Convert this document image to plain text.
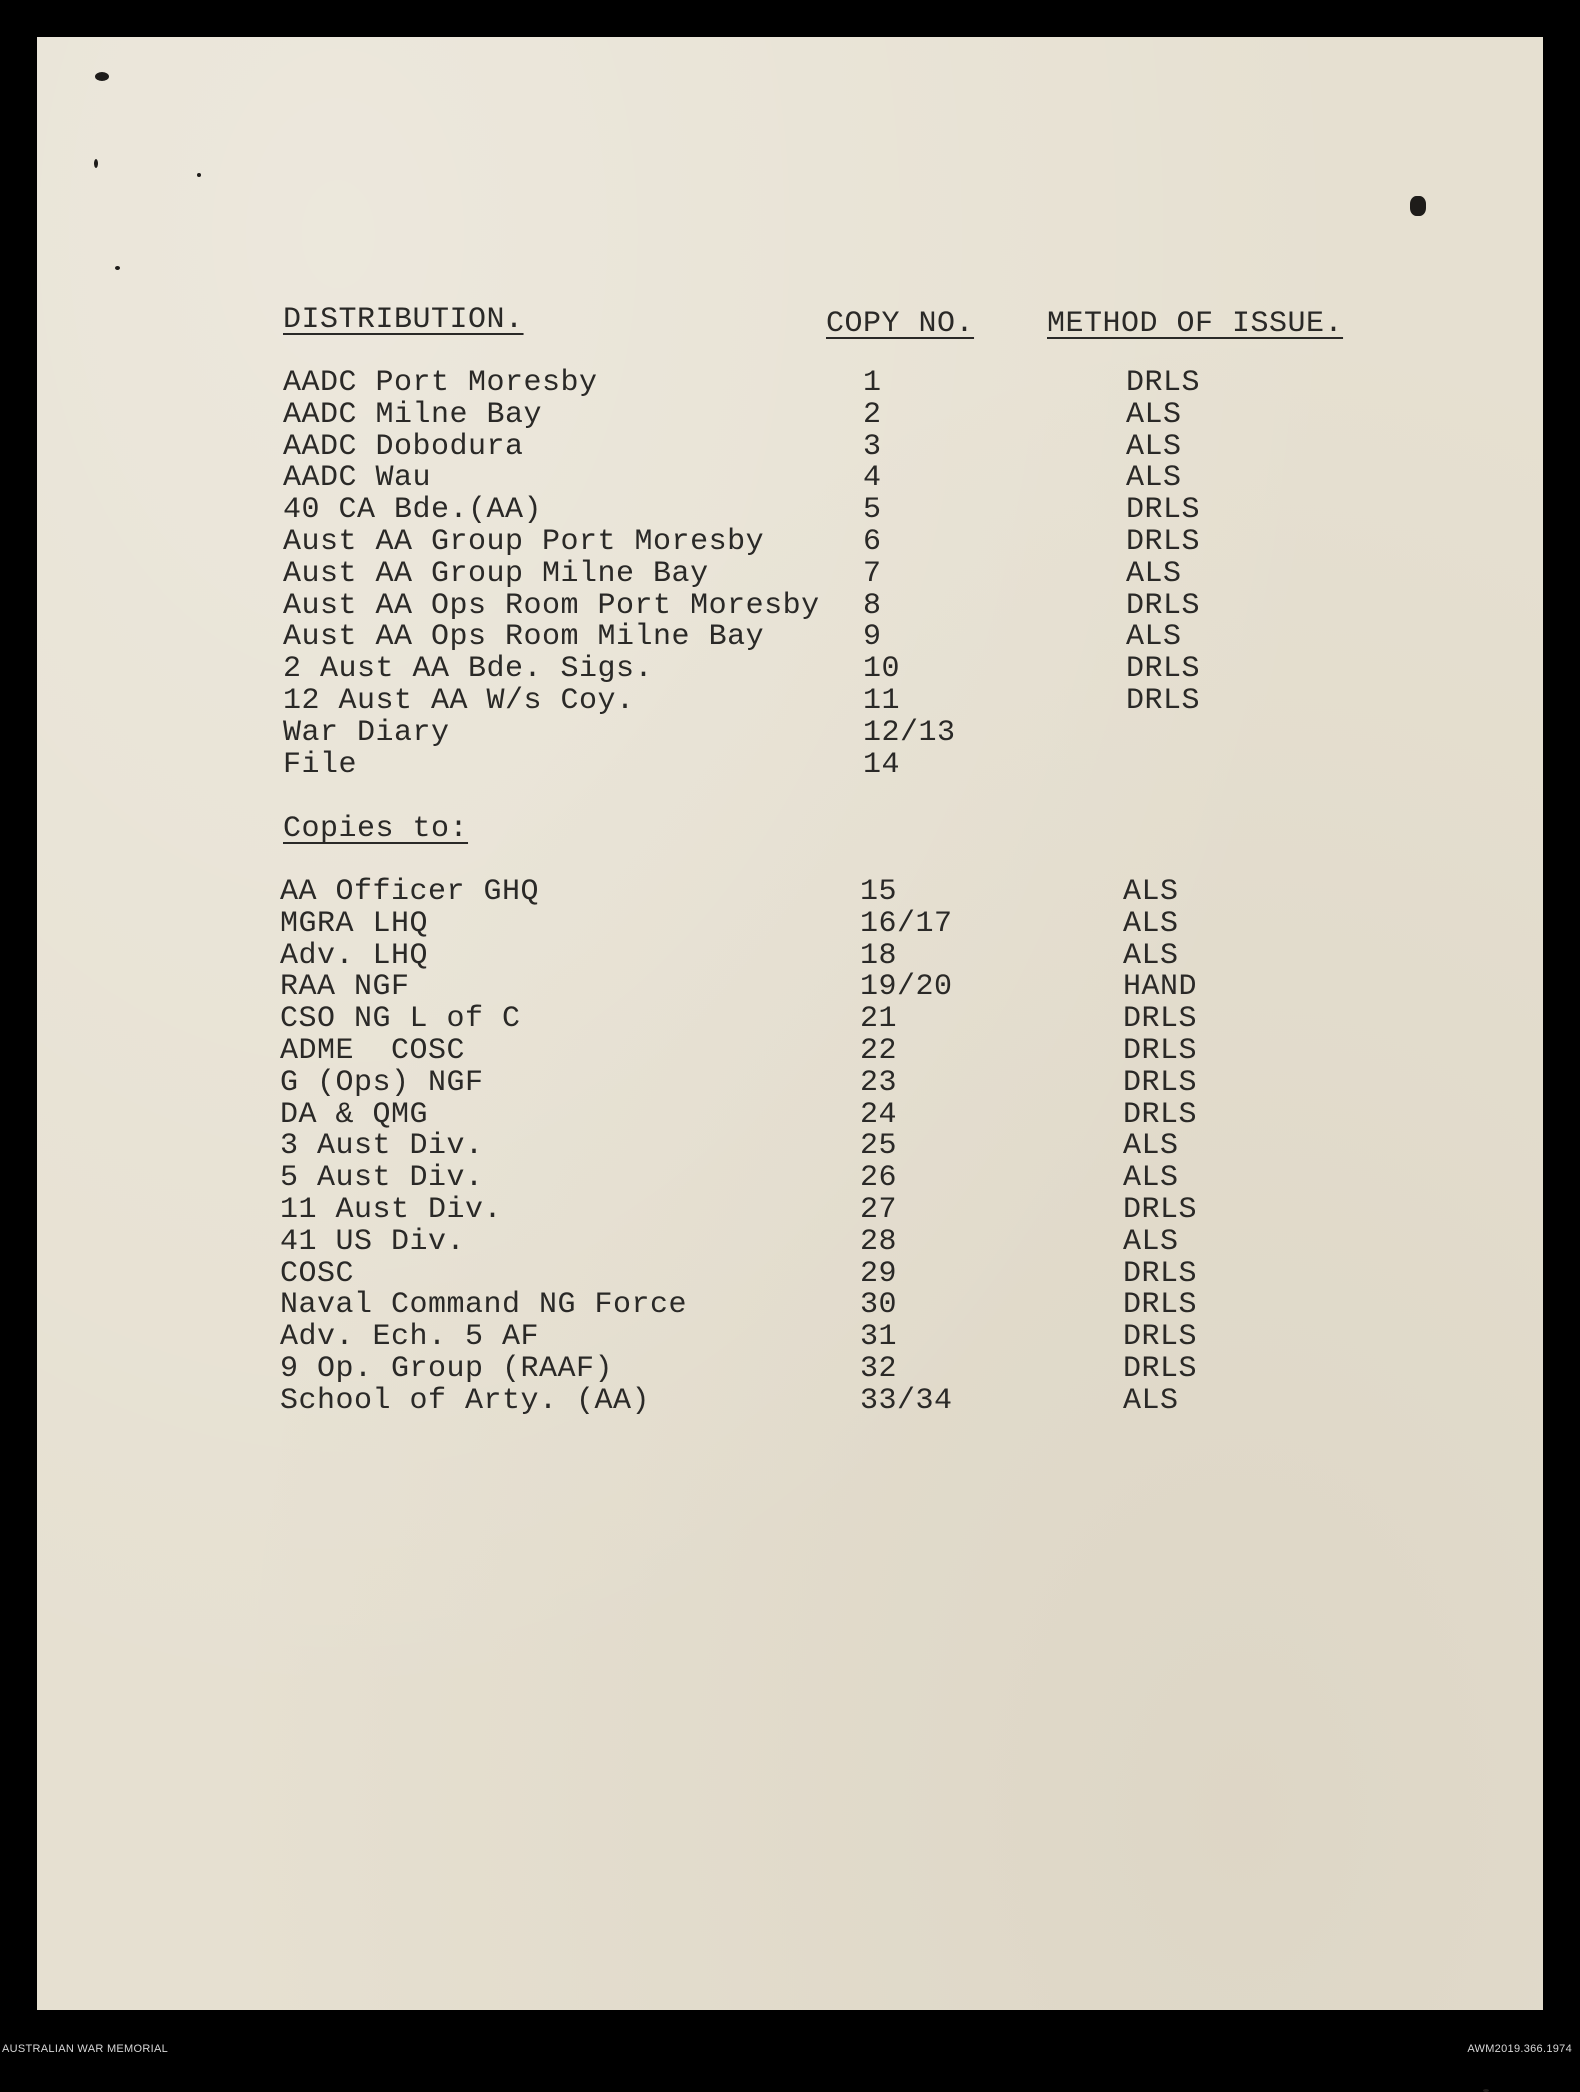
DISTRIBUTION.	COPY NO. METHOD OF ISSUE.
AADC Port Moresby	1	DRLS
AADC Milne Bay	2	ALS
AADC Dobodura	3	ALS
AADC Wau	4	ALS
40 CA Bde.(AA)	5	DRLS
Aust AA Group Port Moresby	6	DRLS
Aust AA Group Milne Bay	7	ALS
Aust AA Ops Room Port Moresby 8	DRLS
Aust AA Ops Room Milne Bay	9	ALS
2 Aust AA Bde. Sigs.	10	DRLS
12 Aust AA W/s Coy.	11	DRLS
War Diary	12/13
File	14
Copies to:
AA Officer GHQ	15	ALS
MGRA LHQ	16/17	ALS
Adv. LHQ	18	ALS
RAA NGF	19/20	HAND
CSO NG L of C	21	DRLS
ADME  COSC	22	DRLS
G (Ops) NGF	23	DRLS
DA & QMG	24	DRLS
3 Aust Div.	25	ALS
5 Aust Div.	26	ALS
11 Aust Div.	27	DRLS
41 US Div.	28	ALS
COSC	29	DRLS
Naval Command NG Force	30	DRLS
Adv. Ech. 5 AF	31	DRLS
9 Op. Group (RAAF)	32	DRLS
School of Arty. (AA)	33/34	ALS
AUSTRALIAN WAR MEMORIAL	AWM2019.366.1974
